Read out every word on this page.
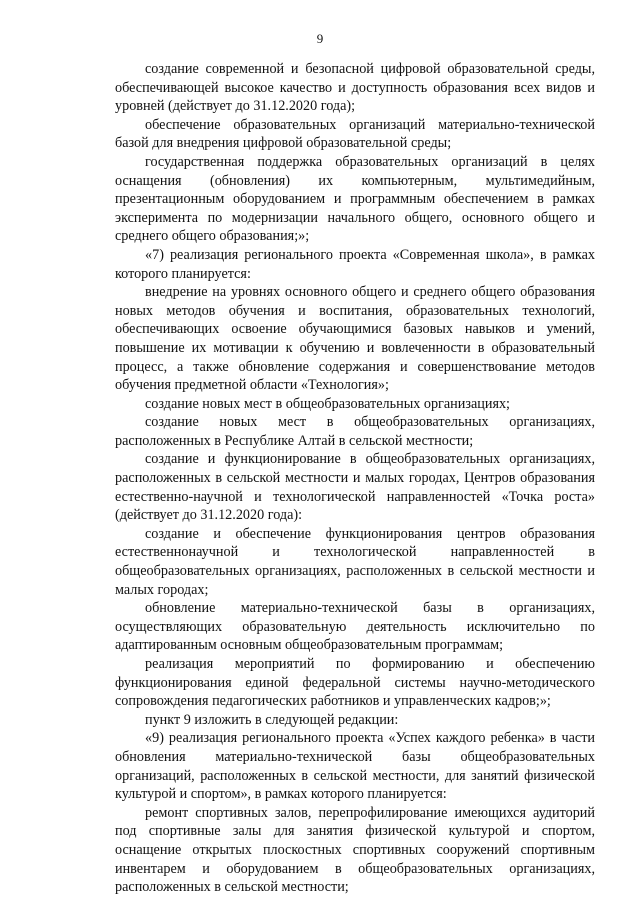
9

создание современной и безопасной цифровой образовательной среды, обеспечивающей высокое качество и доступность образования всех видов и уровней (действует до 31.12.2020 года);

обеспечение образовательных организаций материально-технической базой для внедрения цифровой образовательной среды;

государственная поддержка образовательных организаций в целях оснащения (обновления) их компьютерным, мультимедийным, презентационным оборудованием и программным обеспечением в рамках эксперимента по модернизации начального общего, основного общего и среднего общего образования;»;

«7) реализация регионального проекта «Современная школа», в рамках которого планируется:

внедрение на уровнях основного общего и среднего общего образования новых методов обучения и воспитания, образовательных технологий, обеспечивающих освоение обучающимися базовых навыков и умений, повышение их мотивации к обучению и вовлеченности в образовательный процесс, а также обновление содержания и совершенствование методов обучения предметной области «Технология»;

создание новых мест в общеобразовательных организациях;

создание новых мест в общеобразовательных организациях, расположенных в Республике Алтай в сельской местности;

создание и функционирование в общеобразовательных организациях, расположенных в сельской местности и малых городах, Центров образования естественно-научной и технологической направленностей «Точка роста» (действует до 31.12.2020 года):

создание и обеспечение функционирования центров образования естественнонаучной и технологической направленностей в общеобразовательных организациях, расположенных в сельской местности и малых городах;

обновление материально-технической базы в организациях, осуществляющих образовательную деятельность исключительно по адаптированным основным общеобразовательным программам;

реализация мероприятий по формированию и обеспечению функционирования единой федеральной системы научно-методического сопровождения педагогических работников и управленческих кадров;»;

пункт 9 изложить в следующей редакции:

«9) реализация регионального проекта «Успех каждого ребенка» в части обновления материально-технической базы общеобразовательных организаций, расположенных в сельской местности, для занятий физической культурой и спортом», в рамках которого планируется:

ремонт спортивных залов, перепрофилирование имеющихся аудиторий под спортивные залы для занятия физической культурой и спортом, оснащение открытых плоскостных спортивных сооружений спортивным инвентарем и оборудованием в общеобразовательных организациях, расположенных в сельской местности;
